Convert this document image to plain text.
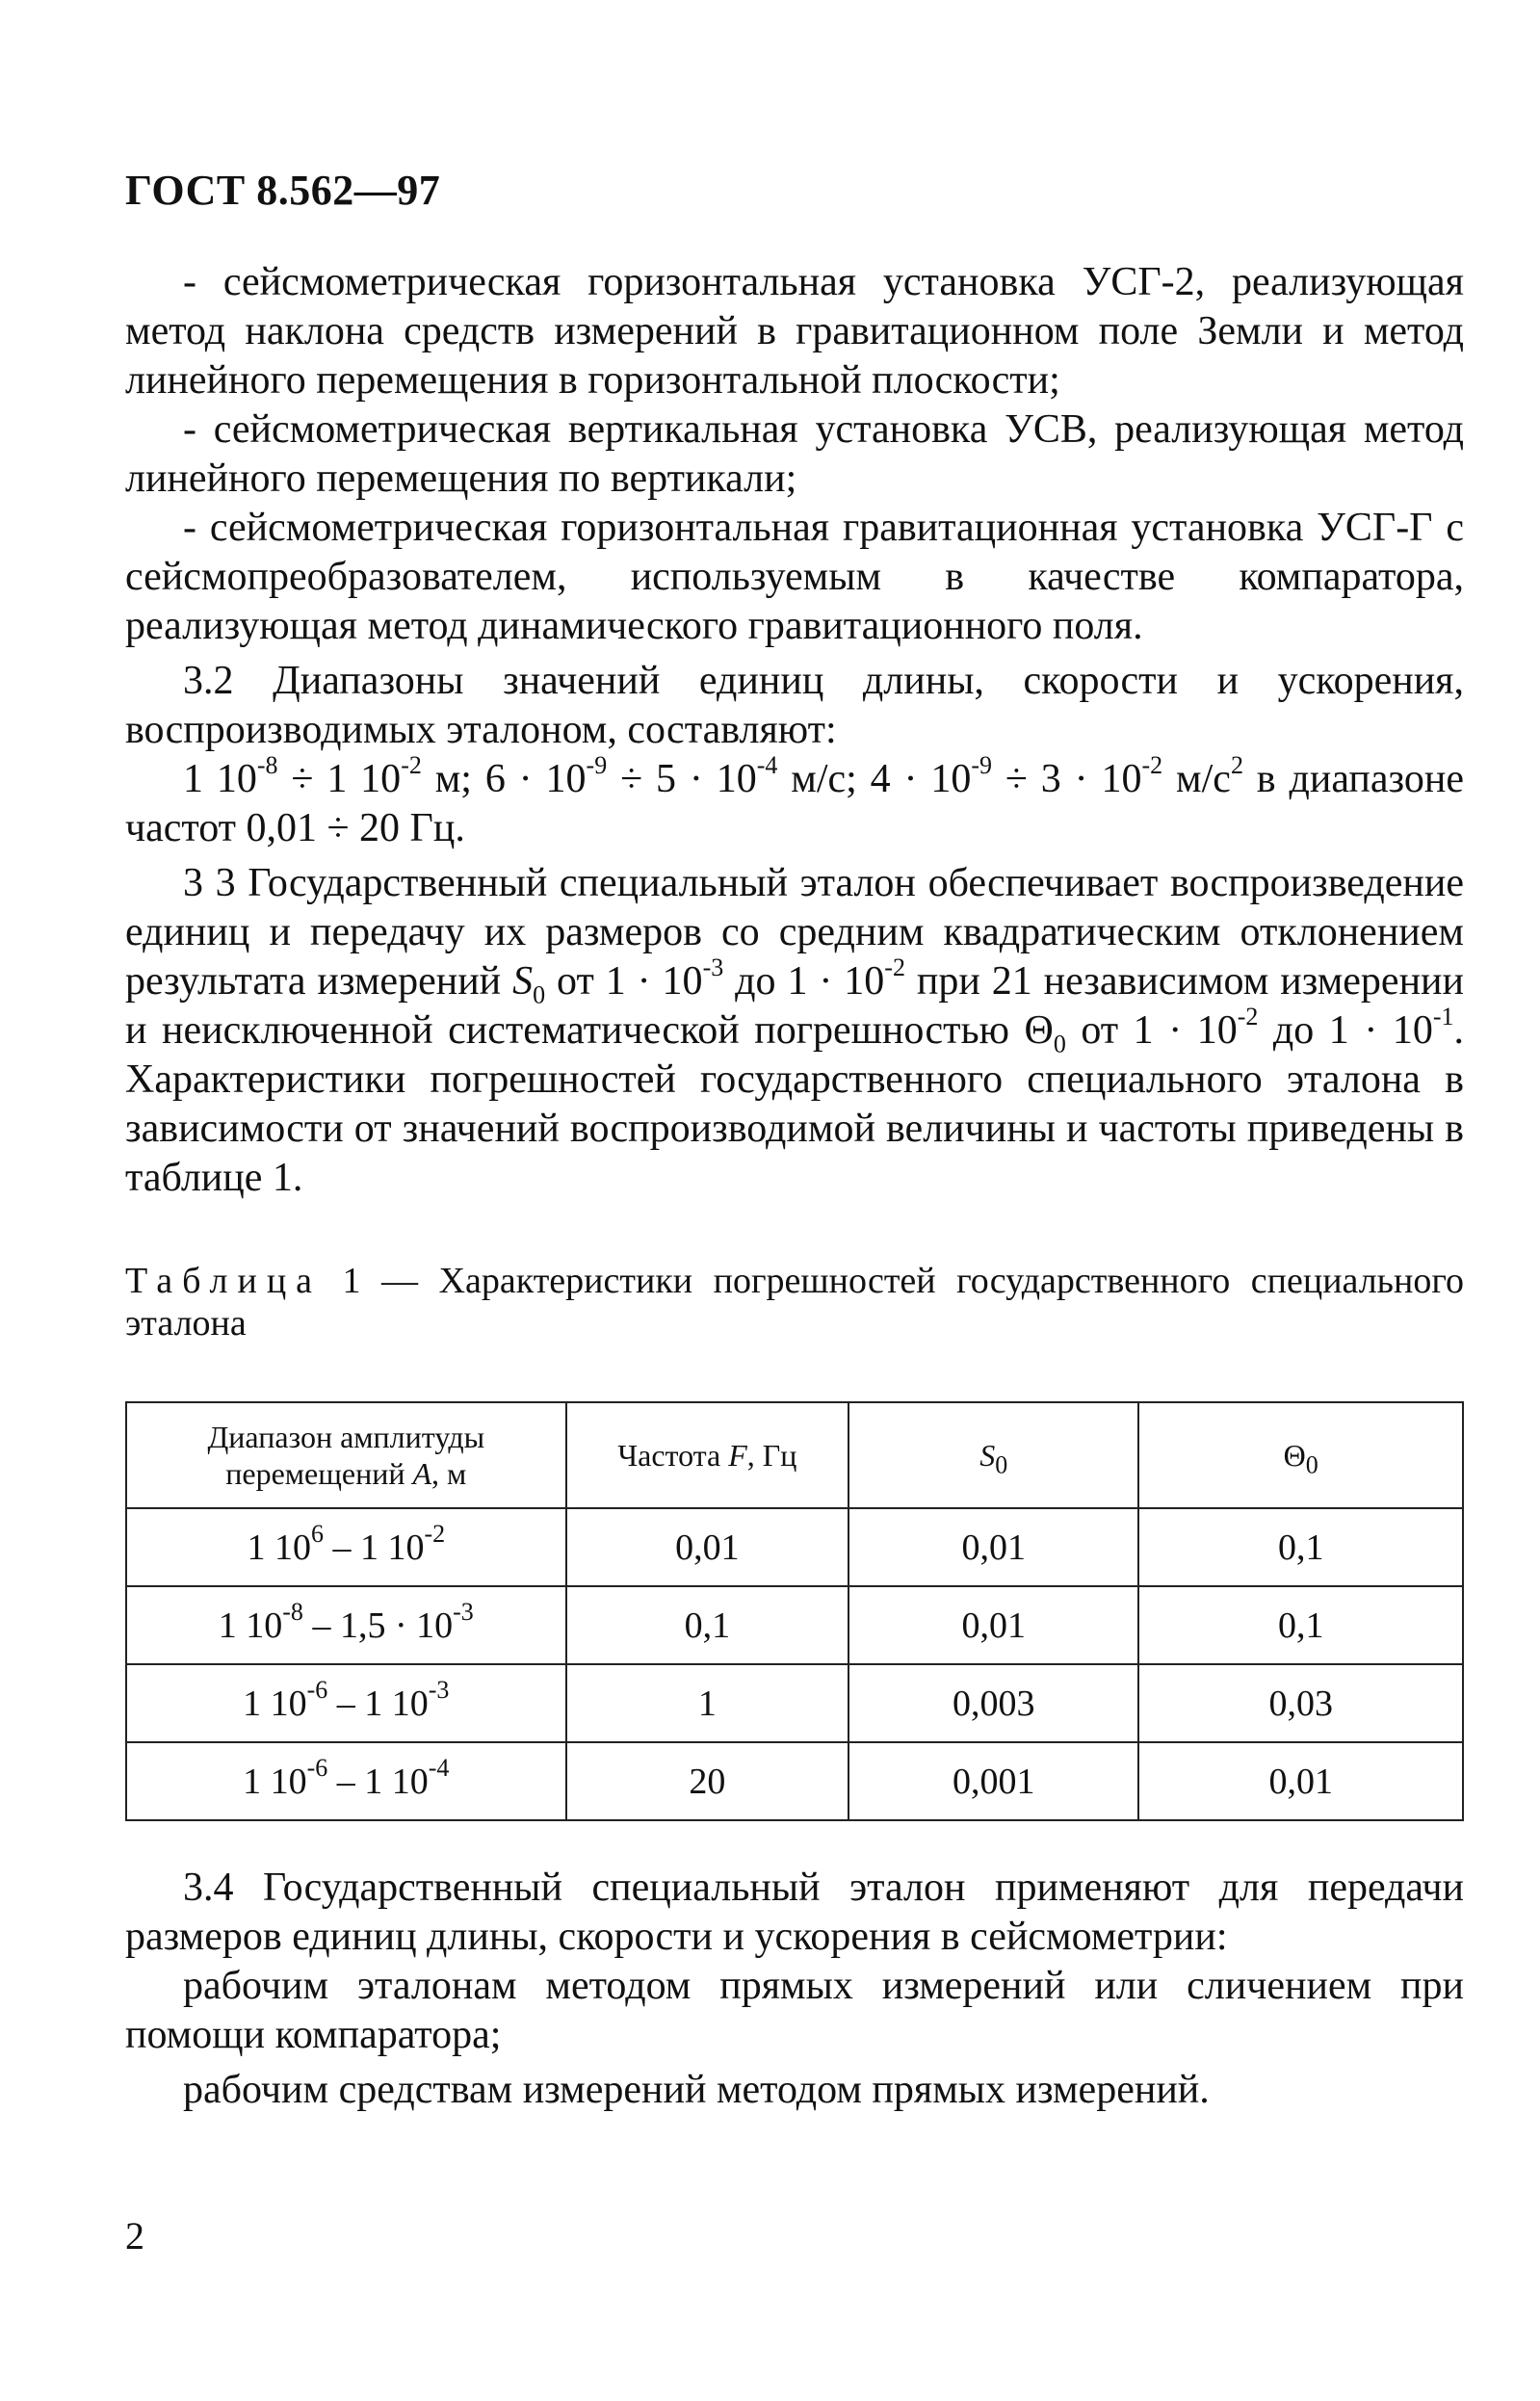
ГОСТ 8.562—97

- сейсмометрическая горизонтальная установка УСГ-2, реализующая метод наклона средств измерений в гравитационном поле Земли и метод линейного перемещения в горизонтальной плоскости;

- сейсмометрическая вертикальная установка УСВ, реализующая метод линейного перемещения по вертикали;

- сейсмометрическая горизонтальная гравитационная установка УСГ-Г с сейсмопреобразователем, используемым в качестве компаратора, реализующая метод динамического гравитационного поля.

3.2 Диапазоны значений единиц длины, скорости и ускорения, воспроизводимых эталоном, составляют:

1 $10^{-8} \div 1$ $10^{-2}$ м; $6 \cdot 10^{-9} \div 5 \cdot 10^{-4}$ м/с; $4 \cdot 10^{-9} \div 3 \cdot 10^{-2}$ $м/с^2$ в диапазоне частот 0,01 ÷ 20 Гц.

3 3 Государственный специальный эталон обеспечивает воспроизведение единиц и передачу их размеров со средним квадратическим отклонением результата измерений $S_0$ от $1 \cdot 10^{-3}$ до $1 \cdot 10^{-2}$ при 21 независимом измерении и неисключенной систематической погрешностью $\Theta_0$ от $1 \cdot 10^{-2}$ до $1 \cdot 10^{-1}$. Характеристики погрешностей государственного специального эталона в зависимости от значений воспроизводимой величины и частоты приведены в таблице 1.

Таблица 1 — Характеристики погрешностей государственного специального эталона
Диапазон амплитуды
перемещений A, м	Частота F, Гц	$S_0$	$\Theta_0$
1 $10^6 - 1$ $10^{-2}$	0,01	0,01	0,1
1 $10^{-8} - 1,5 \cdot 10^{-3}$	0,1	0,01	0,1
1 $10^{-6} - 1$ $10^{-3}$	1	0,003	0,03
1 $10^{-6} - 1$ $10^{-4}$	20	0,001	0,01

3.4 Государственный специальный эталон применяют для передачи размеров единиц длины, скорости и ускорения в сейсмометрии:

рабочим эталонам методом прямых измерений или сличением при помощи компаратора;

рабочим средствам измерений методом прямых измерений.

2
